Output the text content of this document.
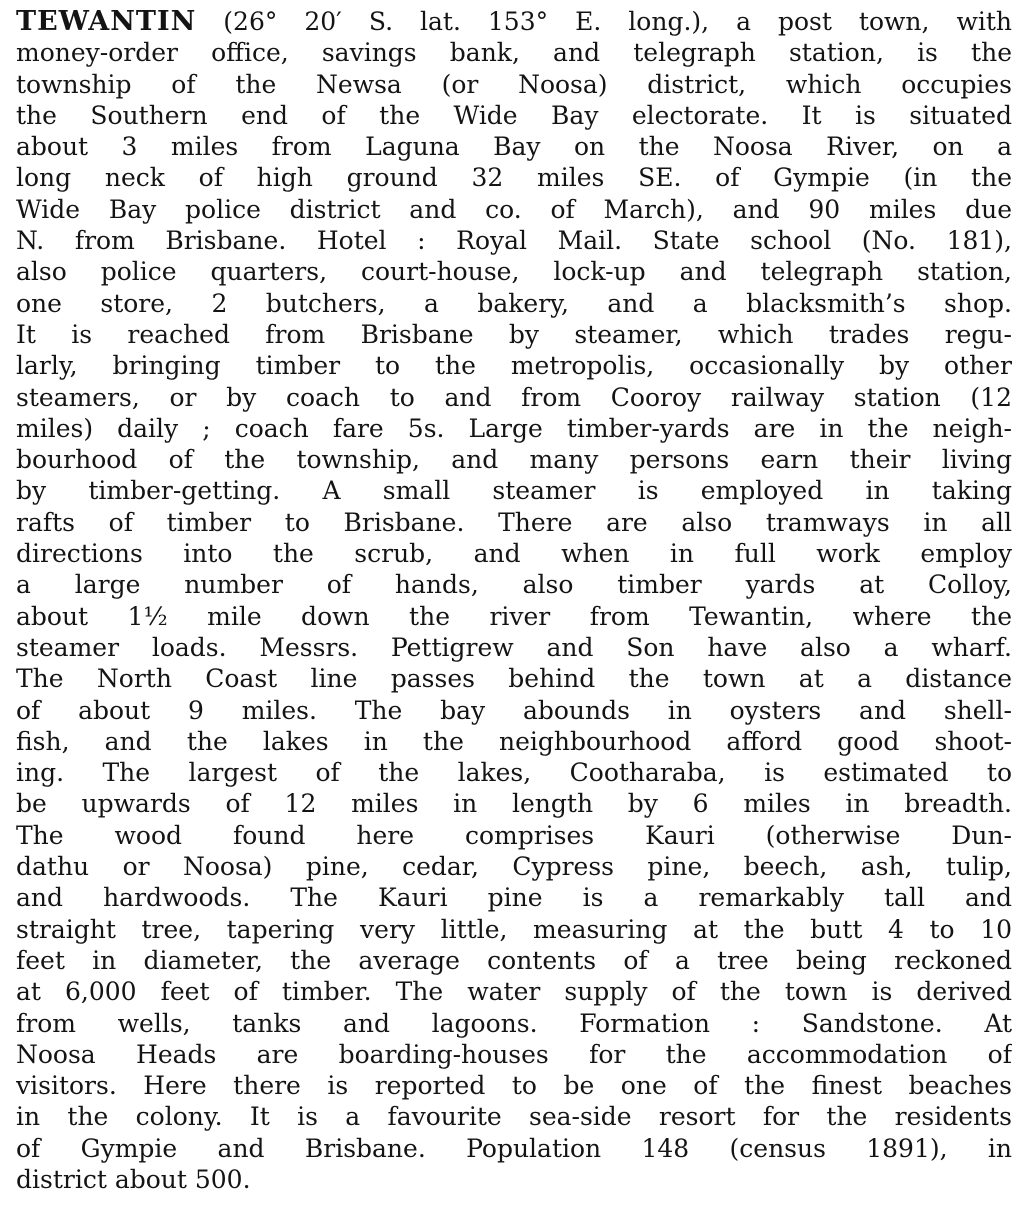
TEWANTIN (26° 20′ S. lat. 153° E. long.), a post town, with
money-order office, savings bank, and telegraph station, is the
township of the Newsa (or Noosa) district, which occupies
the Southern end of the Wide Bay electorate. It is situated
about 3 miles from Laguna Bay on the Noosa River, on a
long neck of high ground 32 miles SE. of Gympie (in the
Wide Bay police district and co. of March), and 90 miles due
N. from Brisbane. Hotel : Royal Mail. State school (No. 181),
also police quarters, court-house, lock-up and telegraph station,
one store, 2 butchers, a bakery, and a blacksmith’s shop.
It is reached from Brisbane by steamer, which trades regu-
larly, bringing timber to the metropolis, occasionally by other
steamers, or by coach to and from Cooroy railway station (12
miles) daily ; coach fare 5s. Large timber-yards are in the neigh-
bourhood of the township, and many persons earn their living
by timber-getting. A small steamer is employed in taking
rafts of timber to Brisbane. There are also tramways in all
directions into the scrub, and when in full work employ
a large number of hands, also timber yards at Colloy,
about 1½ mile down the river from Tewantin, where the
steamer loads. Messrs. Pettigrew and Son have also a wharf.
The North Coast line passes behind the town at a distance
of about 9 miles. The bay abounds in oysters and shell-
fish, and the lakes in the neighbourhood afford good shoot-
ing. The largest of the lakes, Cootharaba, is estimated to
be upwards of 12 miles in length by 6 miles in breadth.
The wood found here comprises Kauri (otherwise Dun-
dathu or Noosa) pine, cedar, Cypress pine, beech, ash, tulip,
and hardwoods. The Kauri pine is a remarkably tall and
straight tree, tapering very little, measuring at the butt 4 to 10
feet in diameter, the average contents of a tree being reckoned
at 6,000 feet of timber. The water supply of the town is derived
from wells, tanks and lagoons. Formation : Sandstone. At
Noosa Heads are boarding-houses for the accommodation of
visitors. Here there is reported to be one of the finest beaches
in the colony. It is a favourite sea-side resort for the residents
of Gympie and Brisbane. Population 148 (census 1891), in
district about 500.
